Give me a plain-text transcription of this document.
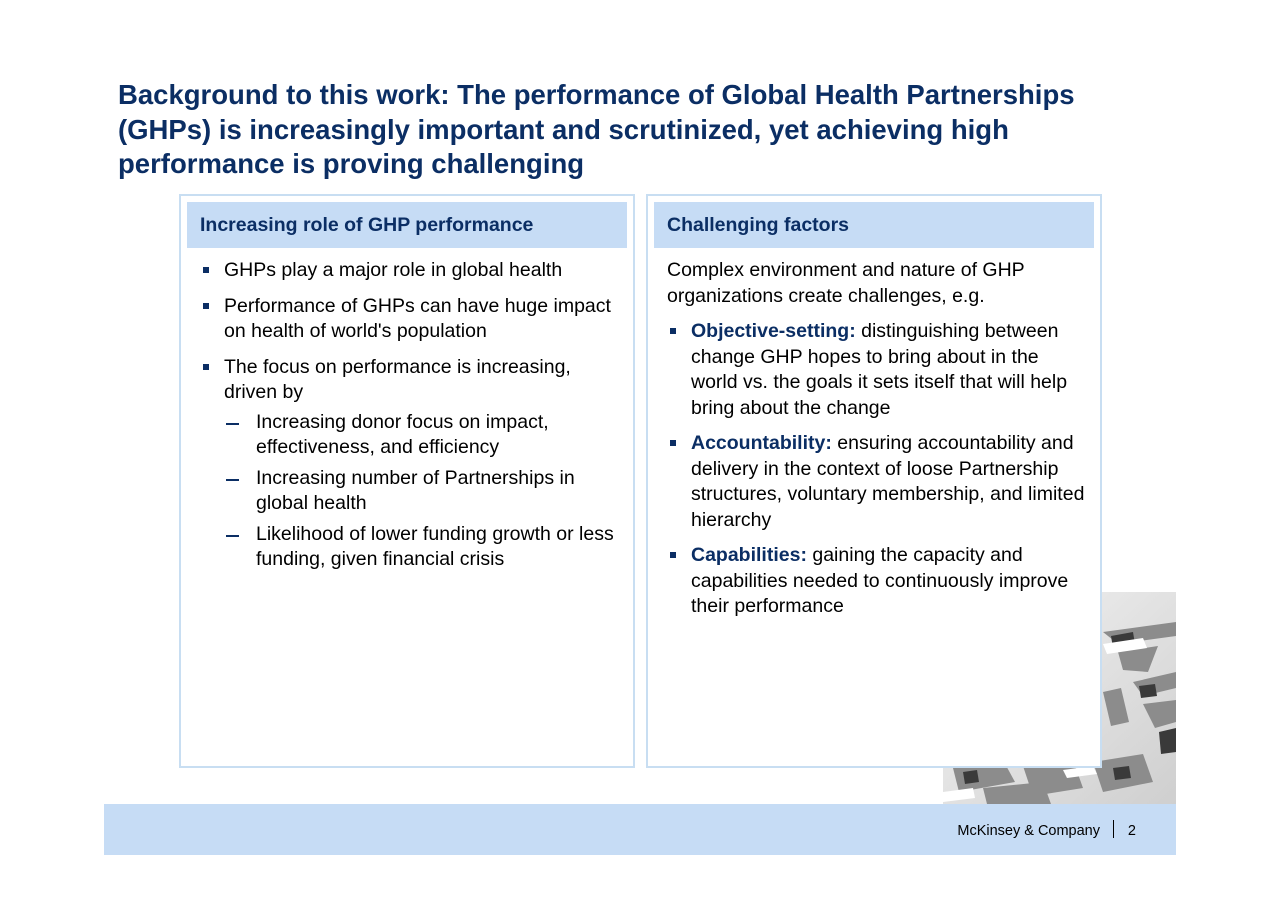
Background to this work: The performance of Global Health Partnerships (GHPs) is increasingly important and scrutinized, yet achieving high performance is proving challenging
Increasing role of GHP performance
GHPs play a major role in global health
Performance of GHPs can have huge impact on health of world's population
The focus on performance is increasing, driven by
Increasing donor focus on impact, effectiveness, and efficiency
Increasing number of Partnerships in global health
Likelihood of lower funding growth or less funding, given financial crisis
Challenging factors
Complex environment and nature of GHP organizations create challenges, e.g.
Objective-setting: distinguishing between change GHP hopes to bring about in the world vs. the goals it sets itself that will help bring about the change
Accountability: ensuring accountability and delivery in the context of loose Partnership structures, voluntary membership, and limited hierarchy
Capabilities: gaining the capacity and capabilities needed to continuously improve their performance
McKinsey & Company 2
